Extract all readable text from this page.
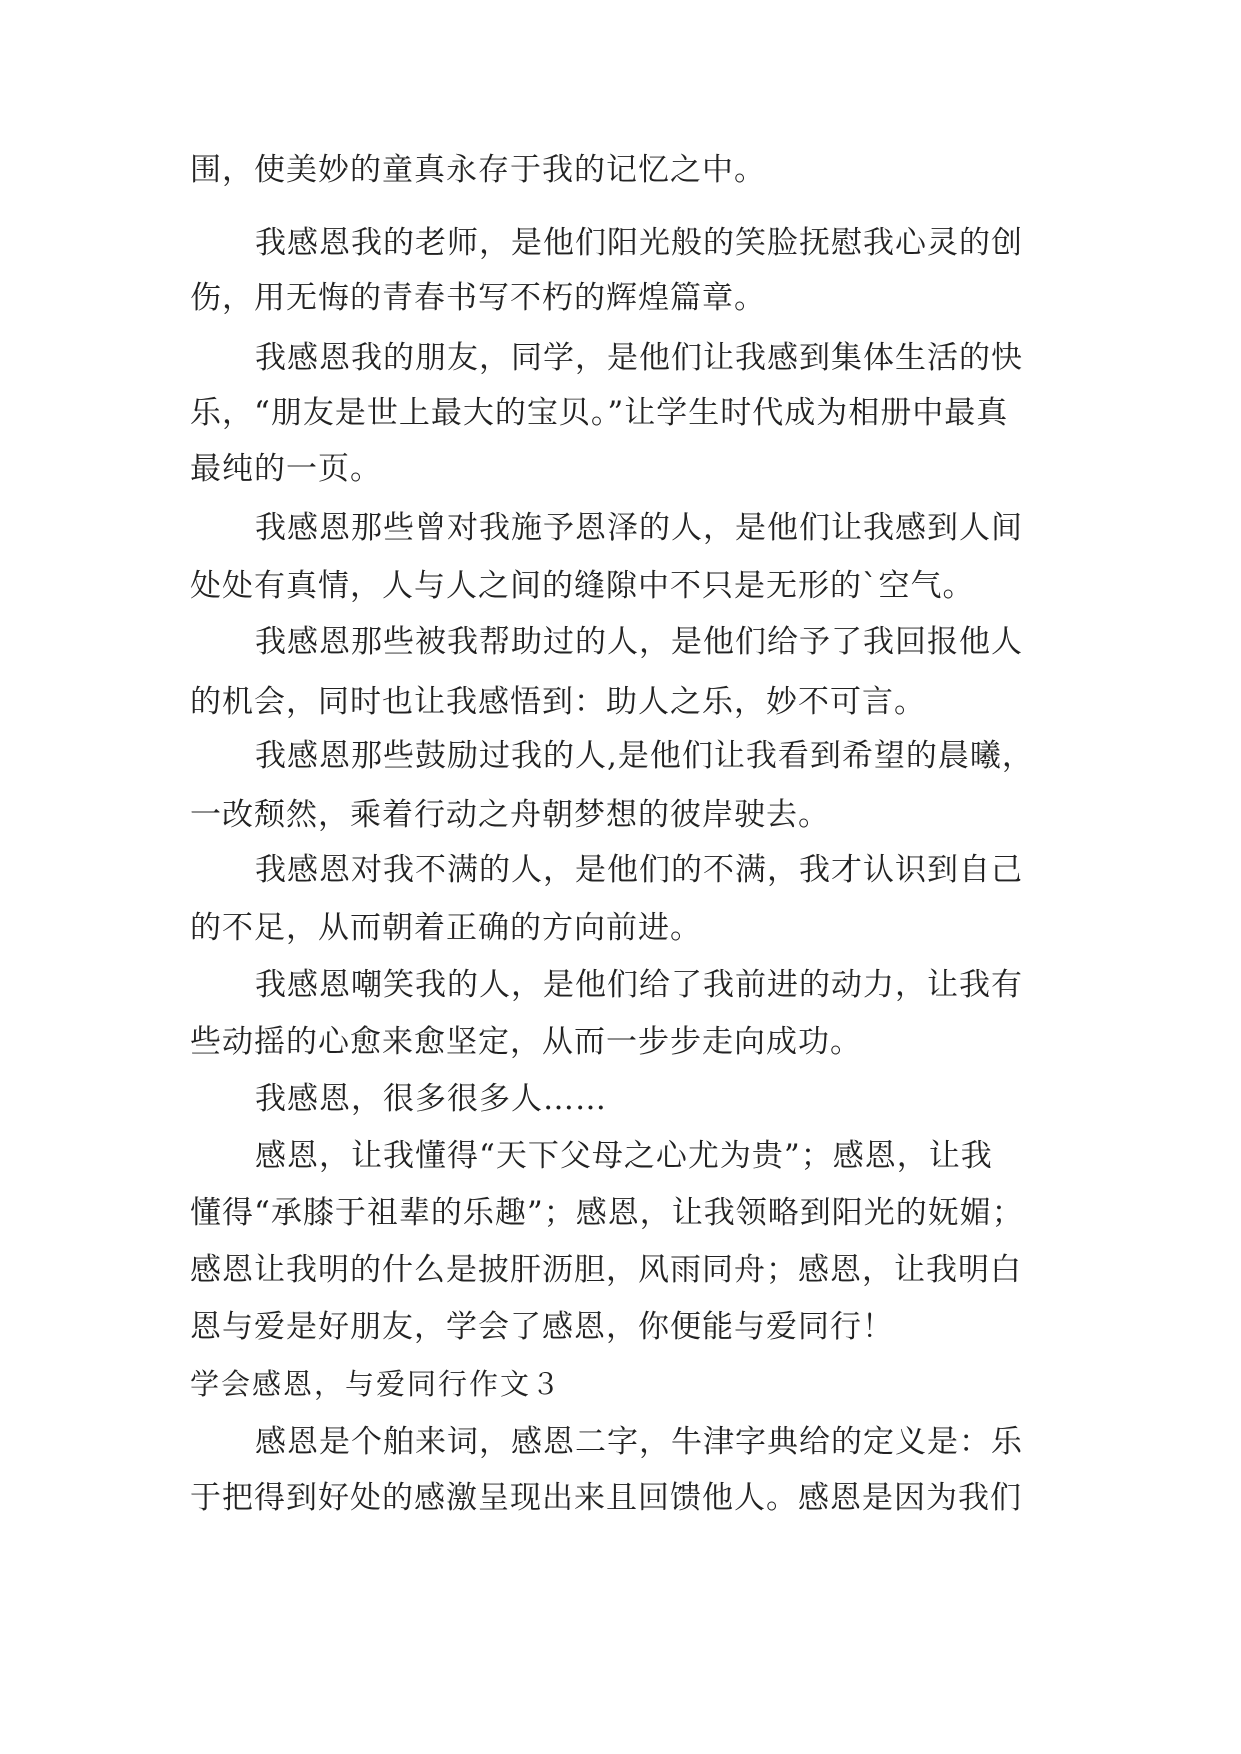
围，使美妙的童真永存于我的记忆之中。
我感恩我的老师，是他们阳光般的笑脸抚慰我心灵的创
伤，用无悔的青春书写不朽的辉煌篇章。
我感恩我的朋友，同学，是他们让我感到集体生活的快
乐，“朋友是世上最大的宝贝。”让学生时代成为相册中最真
最纯的一页。
我感恩那些曾对我施予恩泽的人，是他们让我感到人间
处处有真情，人与人之间的缝隙中不只是无形的`空气。
我感恩那些被我帮助过的人，是他们给予了我回报他人
的机会，同时也让我感悟到：助人之乐，妙不可言。
我感恩那些鼓励过我的人,是他们让我看到希望的晨曦，
一改颓然，乘着行动之舟朝梦想的彼岸驶去。
我感恩对我不满的人，是他们的不满，我才认识到自己
的不足，从而朝着正确的方向前进。
我感恩嘲笑我的人，是他们给了我前进的动力，让我有
些动摇的心愈来愈坚定，从而一步步走向成功。
我感恩，很多很多人……
感恩，让我懂得“天下父母之心尤为贵”；感恩，让我
懂得“承膝于祖辈的乐趣”；感恩，让我领略到阳光的妩媚；
感恩让我明的什么是披肝沥胆，风雨同舟；感恩，让我明白
恩与爱是好朋友，学会了感恩，你便能与爱同行！
学会感恩，与爱同行作文３
感恩是个舶来词，感恩二字，牛津字典给的定义是：乐
于把得到好处的感激呈现出来且回馈他人。感恩是因为我们
